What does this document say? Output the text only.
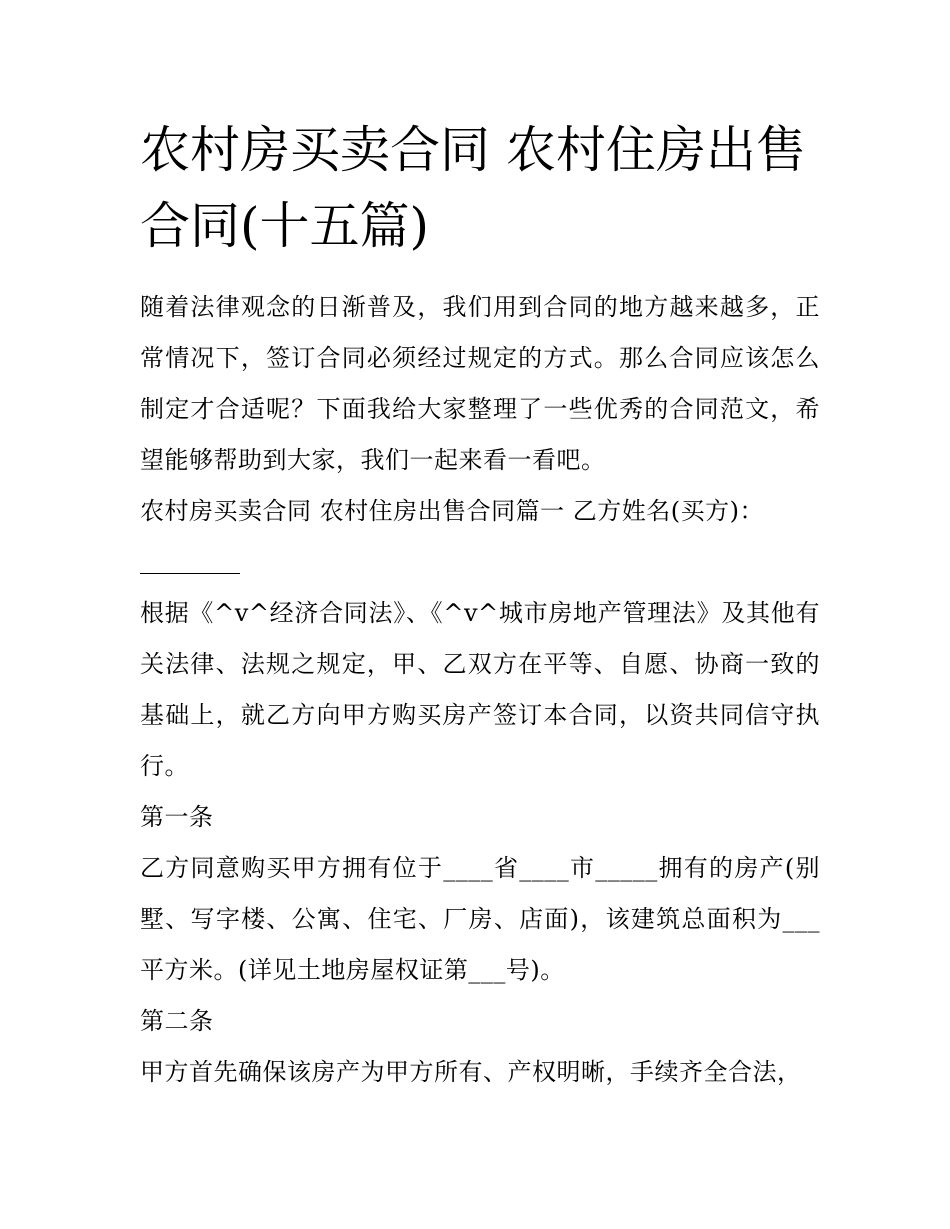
农村房买卖合同 农村住房出售合同(十五篇)

随着法律观念的日渐普及，我们用到合同的地方越来越多，正常情况下，签订合同必须经过规定的方式。那么合同应该怎么制定才合适呢？下面我给大家整理了一些优秀的合同范文，希望能够帮助到大家，我们一起来看一看吧。

农村房买卖合同 农村住房出售合同篇一 乙方姓名(买方)：

根据《^v^经济合同法》、《^v^城市房地产管理法》及其他有关法律、法规之规定，甲、乙双方在平等、自愿、协商一致的基础上，就乙方向甲方购买房产签订本合同，以资共同信守执行。

第一条

乙方同意购买甲方拥有位于____省____市_____拥有的房产(别墅、写字楼、公寓、住宅、厂房、店面)，该建筑总面积为___平方米。(详见土地房屋权证第___号)。

第二条

甲方首先确保该房产为甲方所有、产权明晰，手续齐全合法，
